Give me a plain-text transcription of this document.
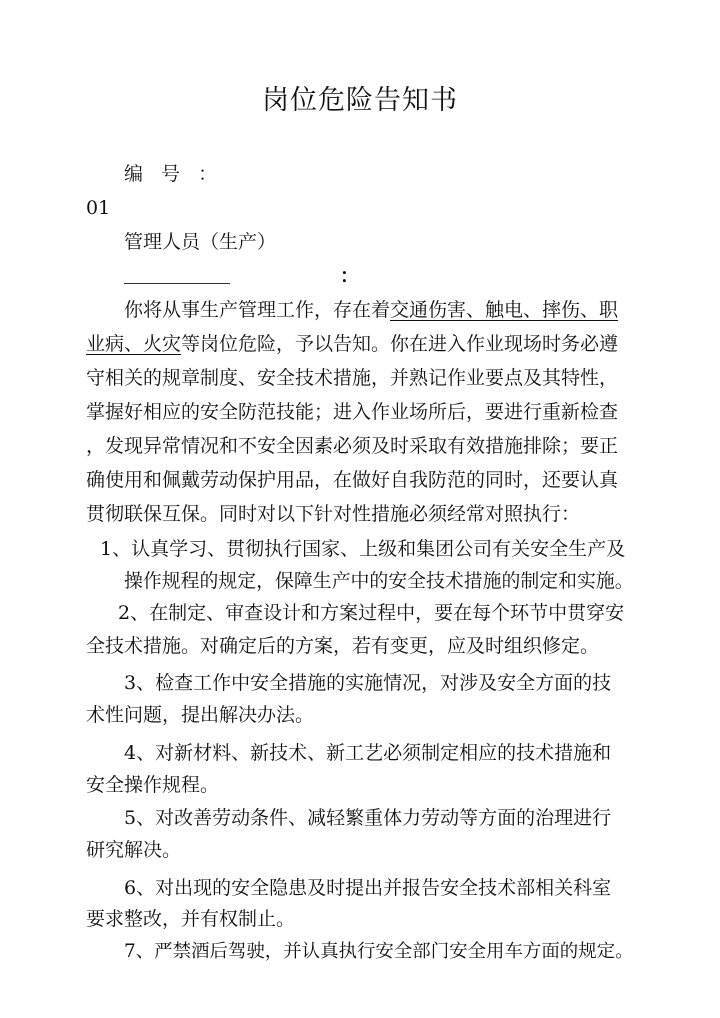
岗位危险告知书
编 号 ：
01
管理人员（生产）
：
你将从事生产管理工作，存在着交通伤害、触电、摔伤、职
业病、火灾等岗位危险，予以告知。你在进入作业现场时务必遵
守相关的规章制度、安全技术措施，并熟记作业要点及其特性，
掌握好相应的安全防范技能；进入作业场所后，要进行重新检查
，发现异常情况和不安全因素必须及时采取有效措施排除；要正
确使用和佩戴劳动保护用品，在做好自我防范的同时，还要认真
贯彻联保互保。同时对以下针对性措施必须经常对照执行：
1、认真学习、贯彻执行国家、上级和集团公司有关安全生产及
操作规程的规定，保障生产中的安全技术措施的制定和实施。
2、在制定、审查设计和方案过程中，要在每个环节中贯穿安
全技术措施。对确定后的方案，若有变更，应及时组织修定。
3、检查工作中安全措施的实施情况，对涉及安全方面的技
术性问题，提出解决办法。
4、对新材料、新技术、新工艺必须制定相应的技术措施和
安全操作规程。
5、对改善劳动条件、减轻繁重体力劳动等方面的治理进行
研究解决。
6、对出现的安全隐患及时提出并报告安全技术部相关科室
要求整改，并有权制止。
7、严禁酒后驾驶，并认真执行安全部门安全用车方面的规定。
